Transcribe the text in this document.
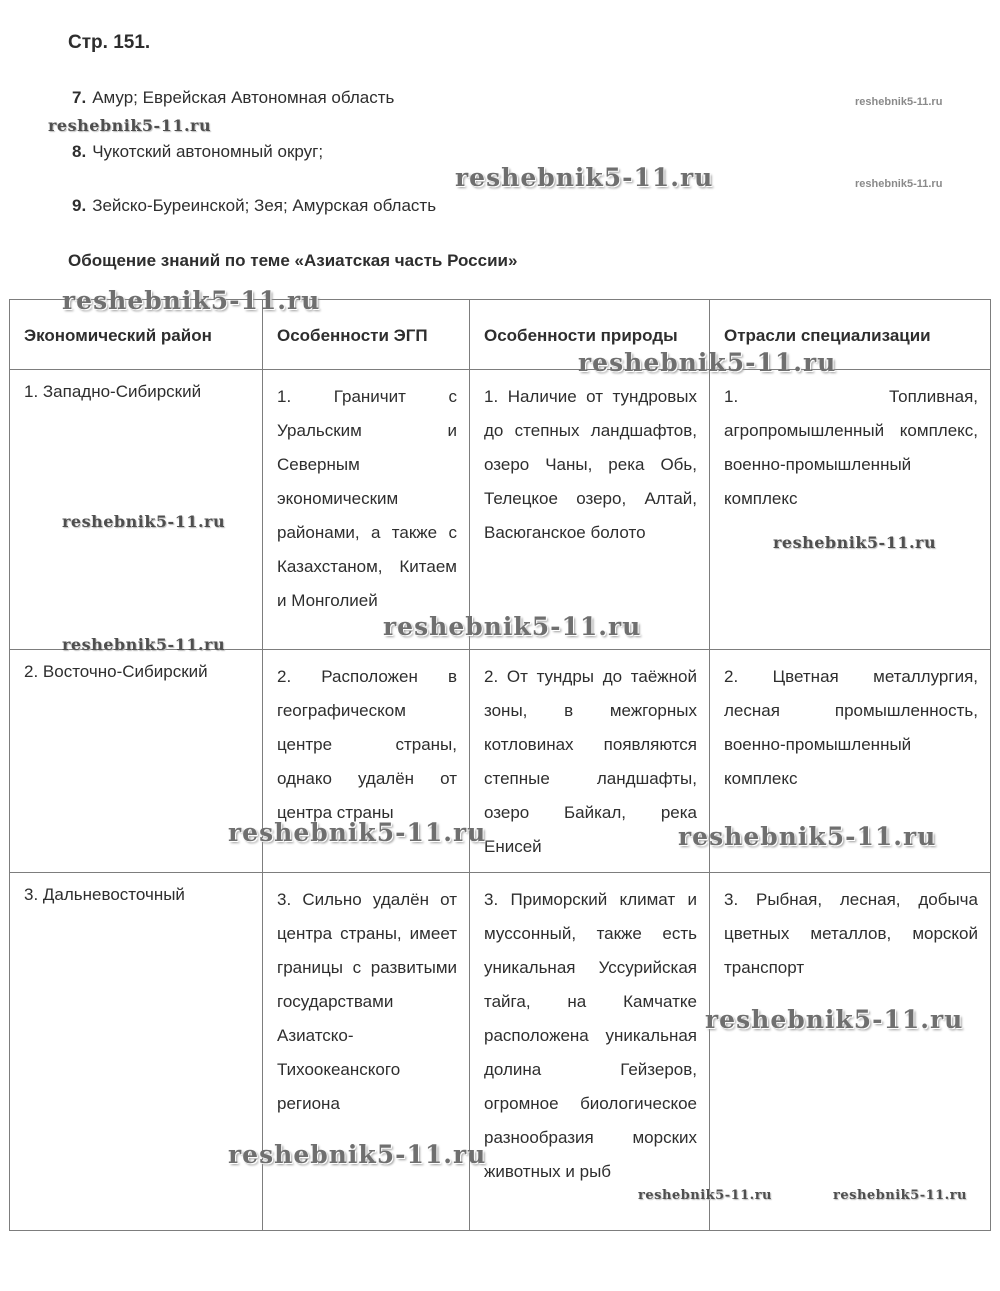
Стр. 151.
7. Амур; Еврейская Автономная область
8. Чукотский автономный округ;
9. Зейско-Буреинской; Зея; Амурская область
Обощение знаний по теме «Азиатская часть России»
Экономический район	Особенности ЭГП	Особенности природы	Отрасли специализации
1. Западно-Сибирский	1. Граничит с Уральским и Северным экономическим районами, а также с Казахстаном, Китаем и Монголией	1. Наличие от тундровых до степных ландшафтов, озеро Чаны, река Обь, Телецкое озеро, Алтай, Васюганское болото	1. Топливная, агропромышленный комплекс, военно-промышленный комплекс
2. Восточно-Сибирский	2. Расположен в географическом центре страны, однако удалён от центра страны	2. От тундры до таёжной зоны, в межгорных котловинах появляются степные ландшафты, озеро Байкал, река Енисей	2. Цветная металлургия, лесная промышленность, военно-промышленный комплекс
3. Дальневосточный	3. Сильно удалён от центра страны, имеет границы с развитыми государствами Азиатско-Тихоокеанского региона	3. Приморский климат и муссонный, также есть уникальная Уссурийская тайга, на Камчатке расположена уникальная долина Гейзеров, огромное биологическое разнообразия морских животных и рыб	3. Рыбная, лесная, добыча цветных металлов, морской транспорт
reshebnik5-11.ru
reshebnik5-11.ru
reshebnik5-11.ru	reshebnik5-11.ru
reshebnik5-11.ru
reshebnik5-11.ru
reshebnik5-11.ru
reshebnik5-11.ru
reshebnik5-11.ru
reshebnik5-11.ru
reshebnik5-11.ru	reshebnik5-11.ru
reshebnik5-11.ru
reshebnik5-11.ru
reshebnik5-11.ru	reshebnik5-11.ru
